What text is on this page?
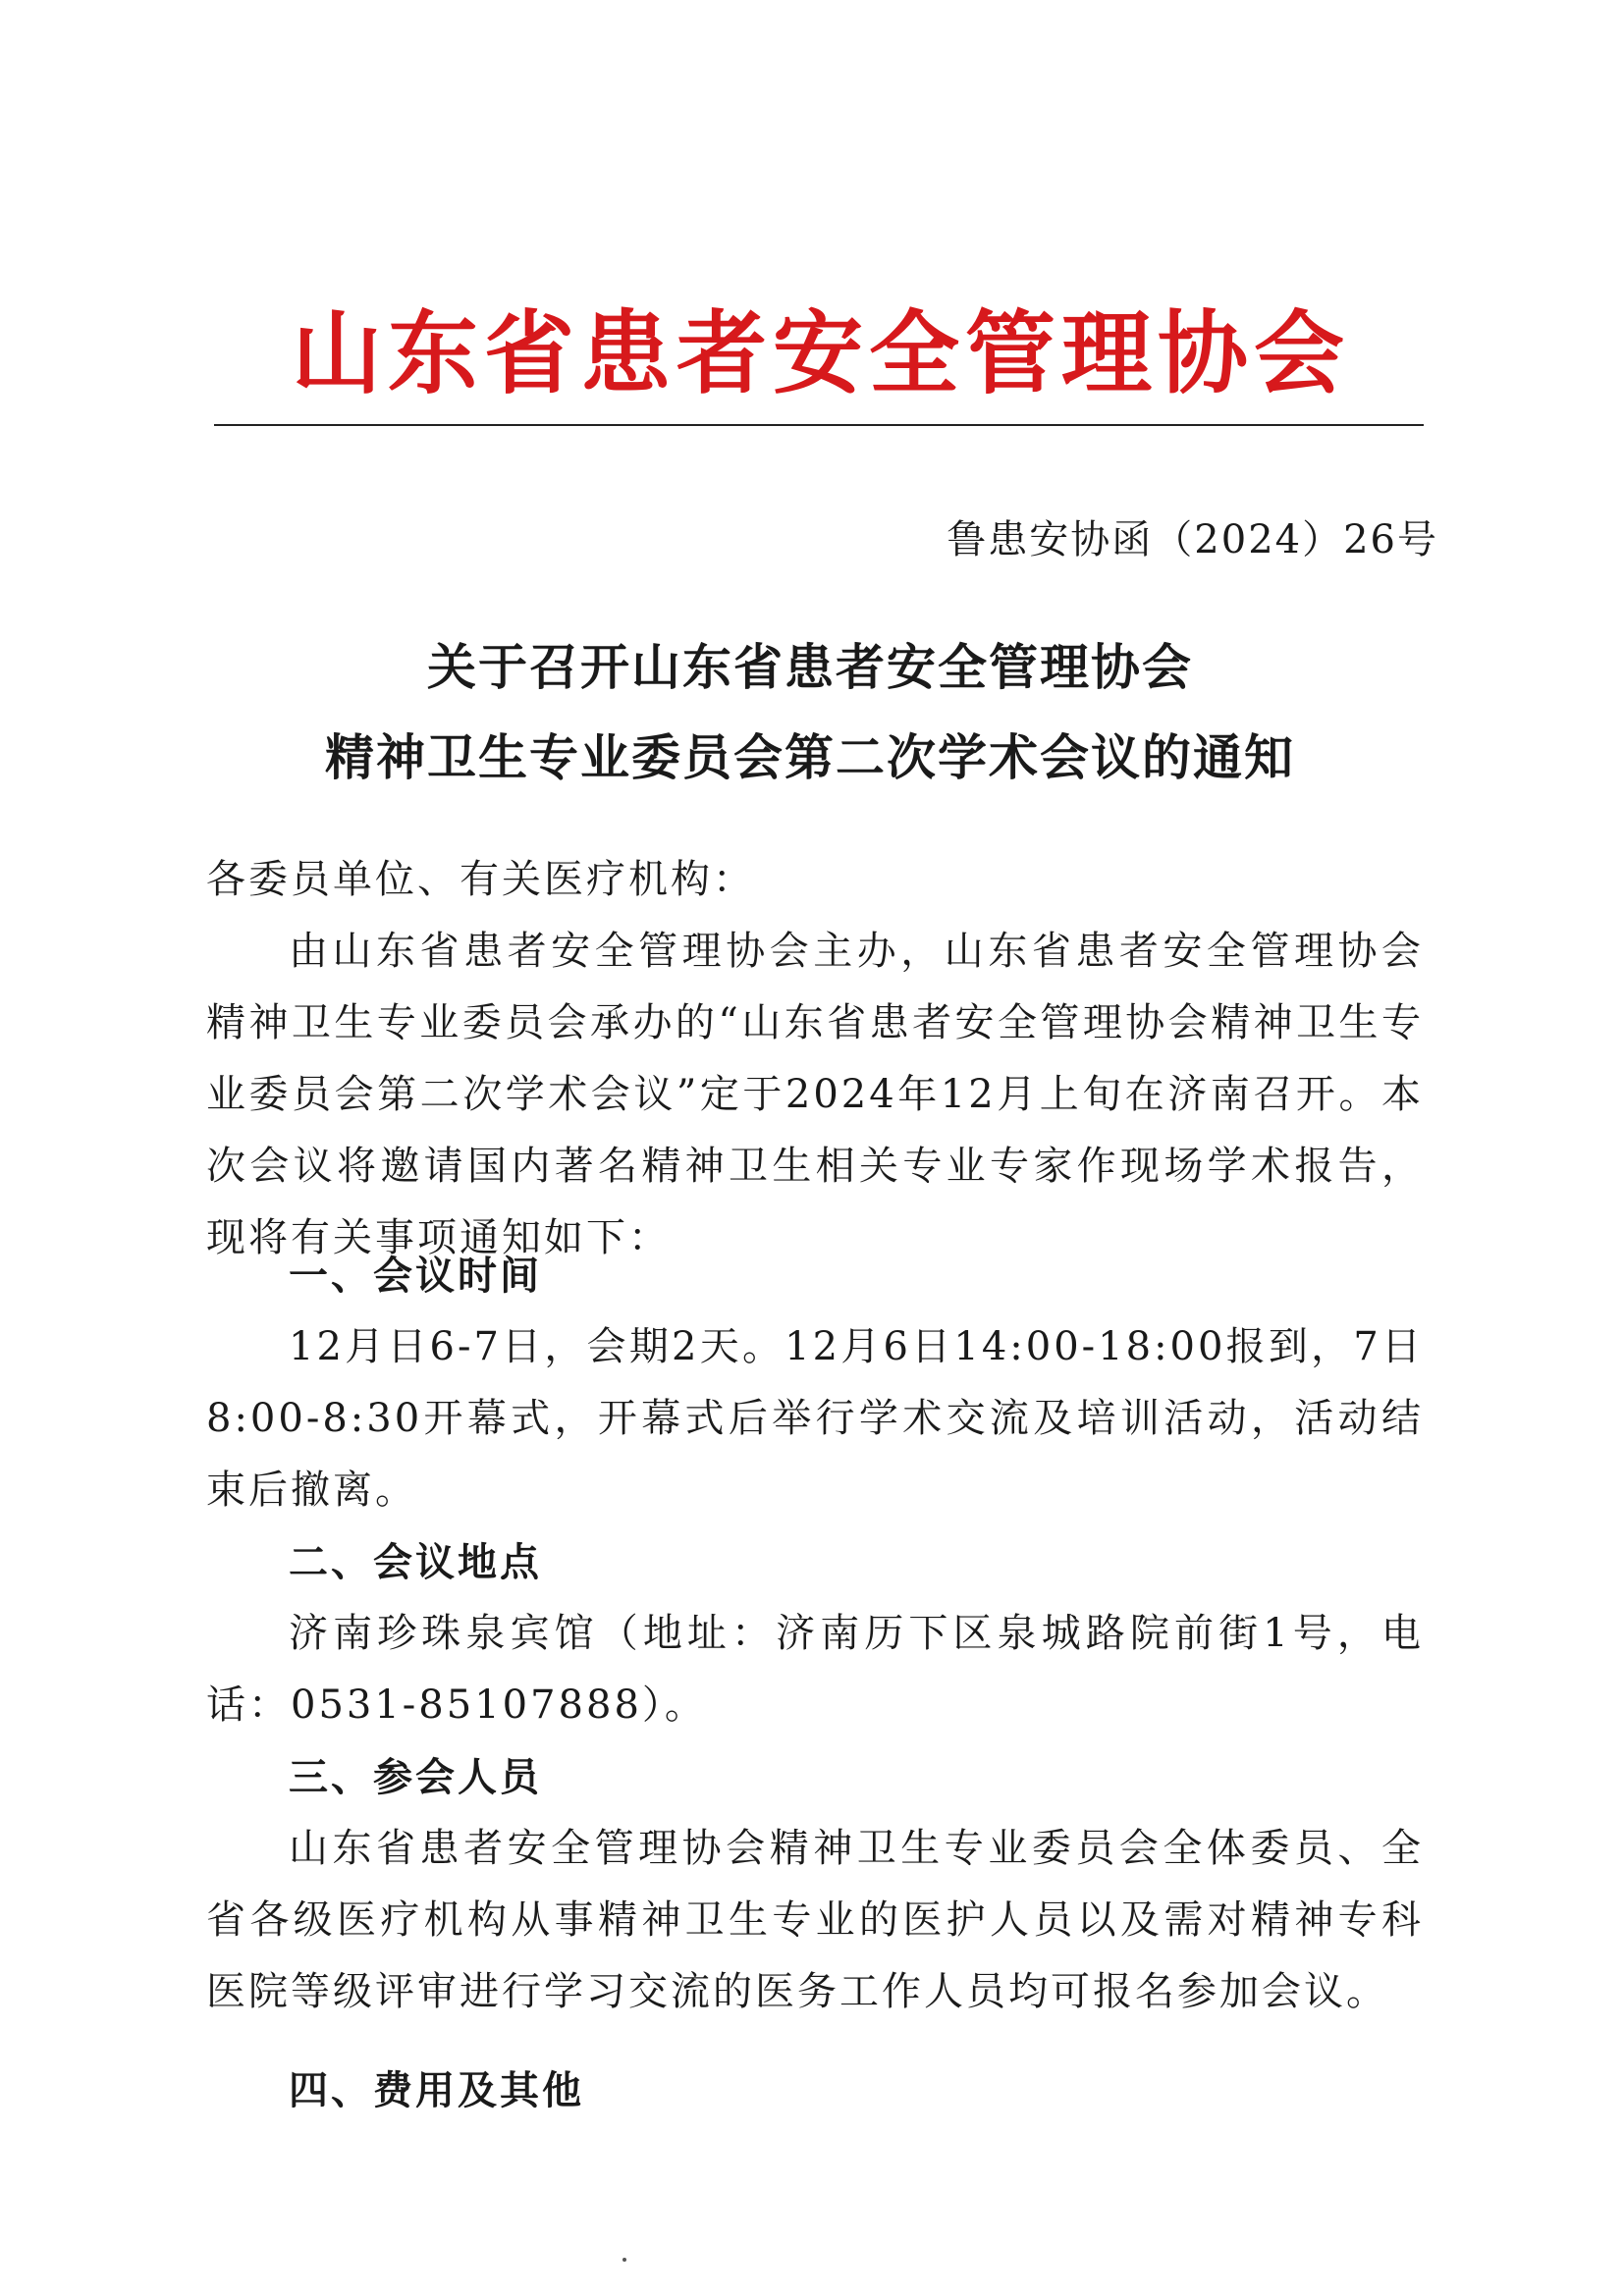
山东省患者安全管理协会
鲁患安协函（2024）26号
关于召开山东省患者安全管理协会
精神卫生专业委员会第二次学术会议的通知
各委员单位、有关医疗机构：

由山东省患者安全管理协会主办，山东省患者安全管理协会精神卫生专业委员会承办的“山东省患者安全管理协会精神卫生专业委员会第二次学术会议”定于2024年12月上旬在济南召开。本次会议将邀请国内著名精神卫生相关专业专家作现场学术报告，现将有关事项通知如下：

一、会议时间

12月日6-7日，会期2天。12月6日14:00-18:00报到，7日8:00-8:30开幕式，开幕式后举行学术交流及培训活动，活动结束后撤离。

二、会议地点

济南珍珠泉宾馆（地址：济南历下区泉城路院前街1号，电话：0531-85107888）。

三、参会人员

山东省患者安全管理协会精神卫生专业委员会全体委员、全省各级医疗机构从事精神卫生专业的医护人员以及需对精神专科医院等级评审进行学习交流的医务工作人员均可报名参加会议。

四、费用及其他
